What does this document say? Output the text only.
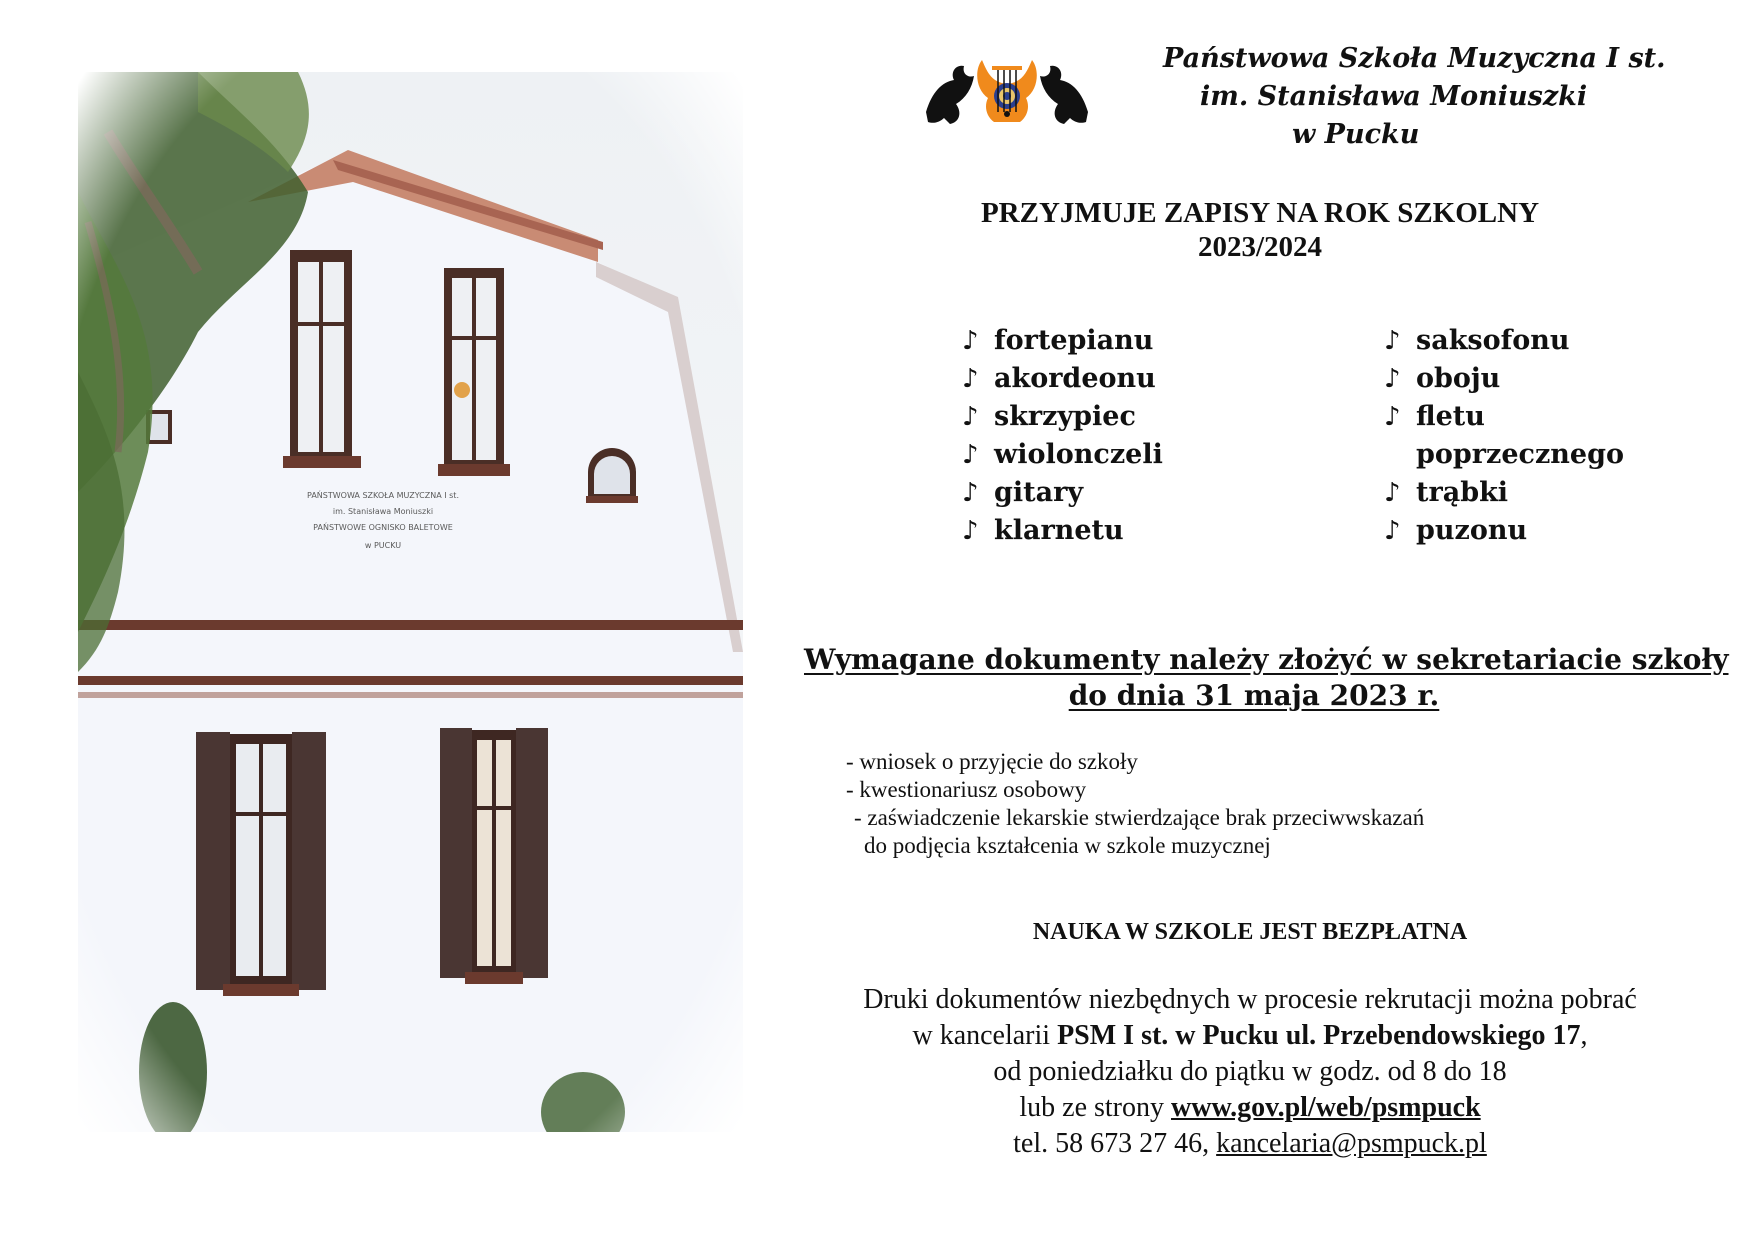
Państwowa Szkoła Muzyczna I st.
im. Stanisława Moniuszki
w Pucku
PRZYJMUJE ZAPISY NA ROK SZKOLNY
2023/2024
♪ fortepianu
♪ akordeonu
♪ skrzypiec
♪ wiolonczeli
♪ gitary
♪ klarnetu
♪ saksofonu
♪ oboju
♪ fletu
poprzecznego
♪ trąbki
♪ puzonu
Wymagane dokumenty należy złożyć w sekretariacie szkoły
do dnia 31 maja 2023 r.
- wniosek o przyjęcie do szkoły
- kwestionariusz osobowy
- zaświadczenie lekarskie stwierdzające brak przeciwwskazań
do podjęcia kształcenia w szkole muzycznej
NAUKA W SZKOLE JEST BEZPŁATNA
Druki dokumentów niezbędnych w procesie rekrutacji można pobrać
w kancelarii PSM I st. w Pucku ul. Przebendowskiego 17,
od poniedziałku do piątku w godz. od 8 do 18
lub ze strony www.gov.pl/web/psmpuck
tel. 58 673 27 46, kancelaria@psmpuck.pl
